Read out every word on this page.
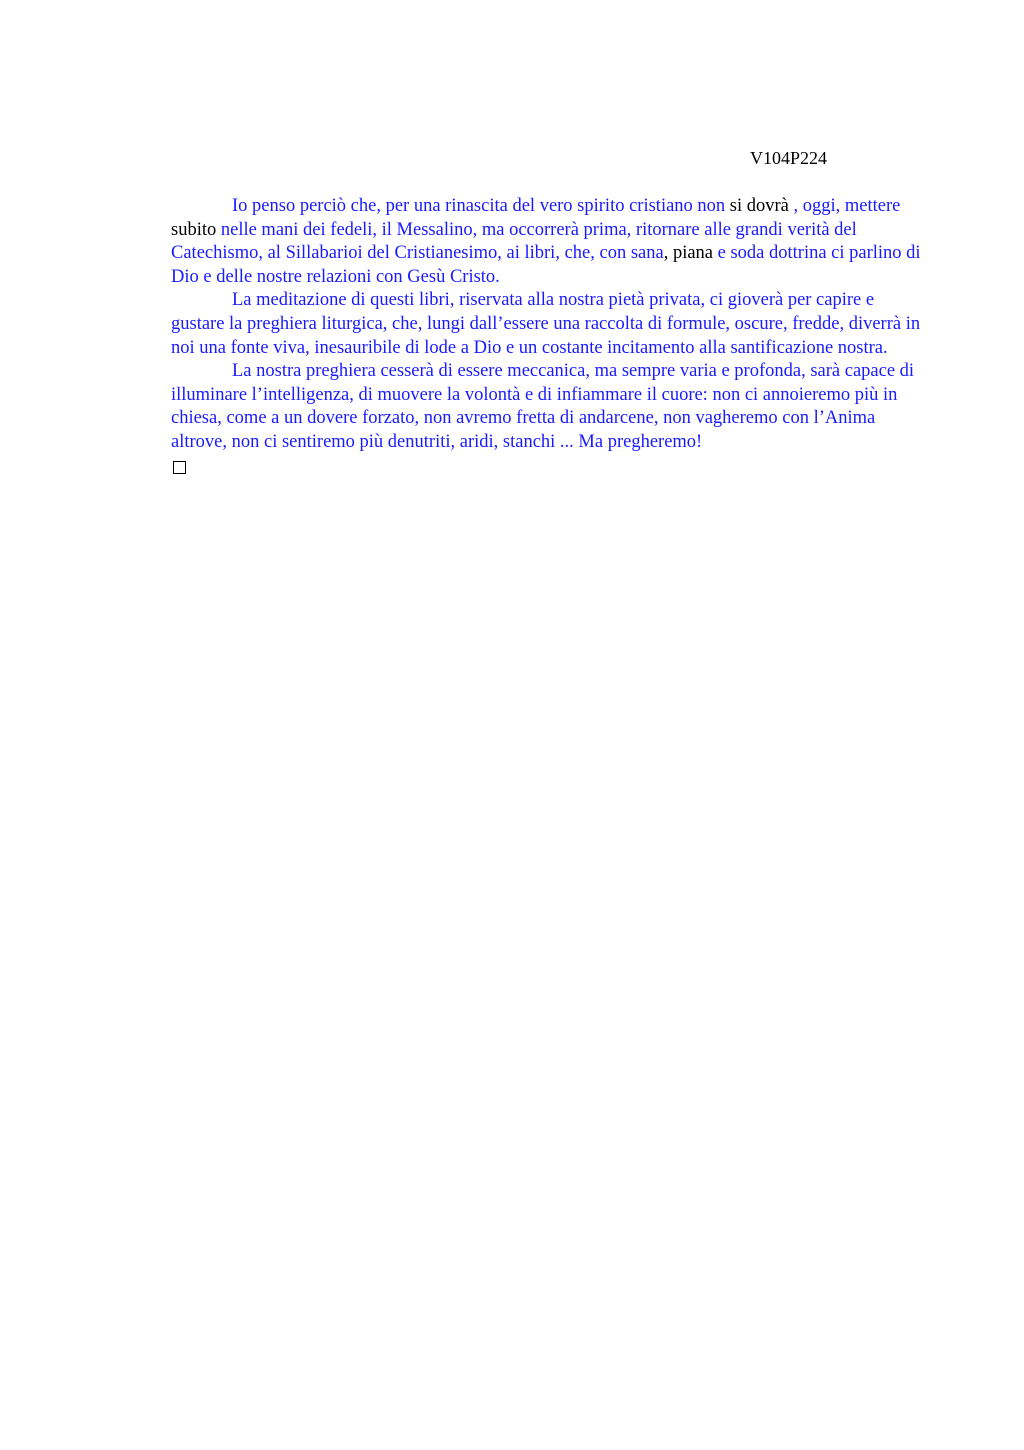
V104P224

Io penso perciò che, per una rinascita del vero spirito cristiano non si dovrà , oggi, mettere subito nelle mani dei fedeli, il Messalino, ma occorrerà prima, ritornare alle grandi verità del Catechismo, al Sillabarioi del Cristianesimo, ai libri, che, con sana, piana e soda dottrina ci parlino di Dio e delle nostre relazioni con Gesù Cristo.

La meditazione di questi libri, riservata alla nostra pietà privata, ci gioverà per capire e gustare la preghiera liturgica, che, lungi dall’essere una raccolta di formule, oscure, fredde, diverrà in noi una fonte viva, inesauribile di lode a Dio e un costante incitamento alla santificazione nostra.

La nostra preghiera cesserà di essere meccanica, ma sempre varia e profonda, sarà capace di illuminare l’intelligenza, di muovere la volontà e di infiammare il cuore: non ci annoieremo più in chiesa, come a un dovere forzato, non avremo fretta di andarcene, non vagheremo con l’Anima altrove, non ci sentiremo più denutriti, aridi, stanchi ... Ma pregheremo!
